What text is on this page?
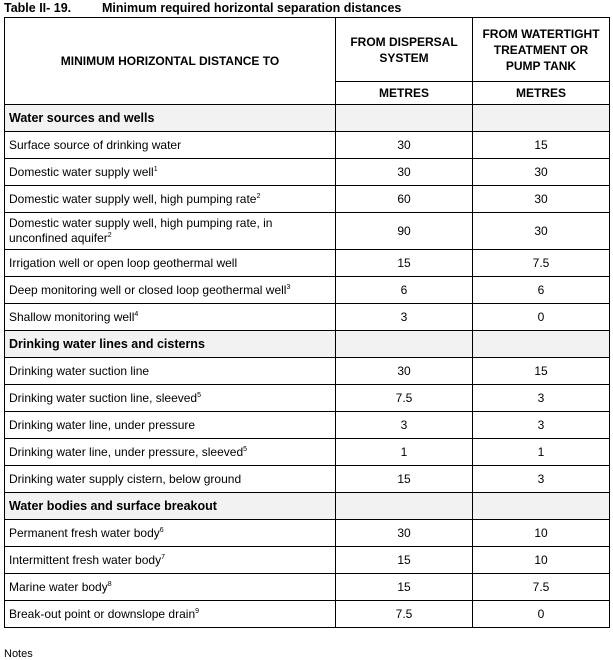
Table II- 19. Minimum required horizontal separation distances
MINIMUM HORIZONTAL DISTANCE TO	FROM DISPERSAL SYSTEM	FROM WATERTIGHT TREATMENT OR PUMP TANK
	METRES	METRES
Water sources and wells		
Surface source of drinking water	30	15
Domestic water supply well$^1$	30	30
Domestic water supply well, high pumping rate$^2$	60	30
Domestic water supply well, high pumping rate, in unconfined aquifer$^2$	90	30
Irrigation well or open loop geothermal well	15	7.5
Deep monitoring well or closed loop geothermal well$^3$	6	6
Shallow monitoring well$^4$	3	0
Drinking water lines and cisterns		
Drinking water suction line	30	15
Drinking water suction line, sleeved$^5$	7.5	3
Drinking water line, under pressure	3	3
Drinking water line, under pressure, sleeved$^5$	1	1
Drinking water supply cistern, below ground	15	3
Water bodies and surface breakout		
Permanent fresh water body$^6$	30	10
Intermittent fresh water body$^7$	15	10
Marine water body$^8$	15	7.5
Break-out point or downslope drain$^9$	7.5	0
Notes
